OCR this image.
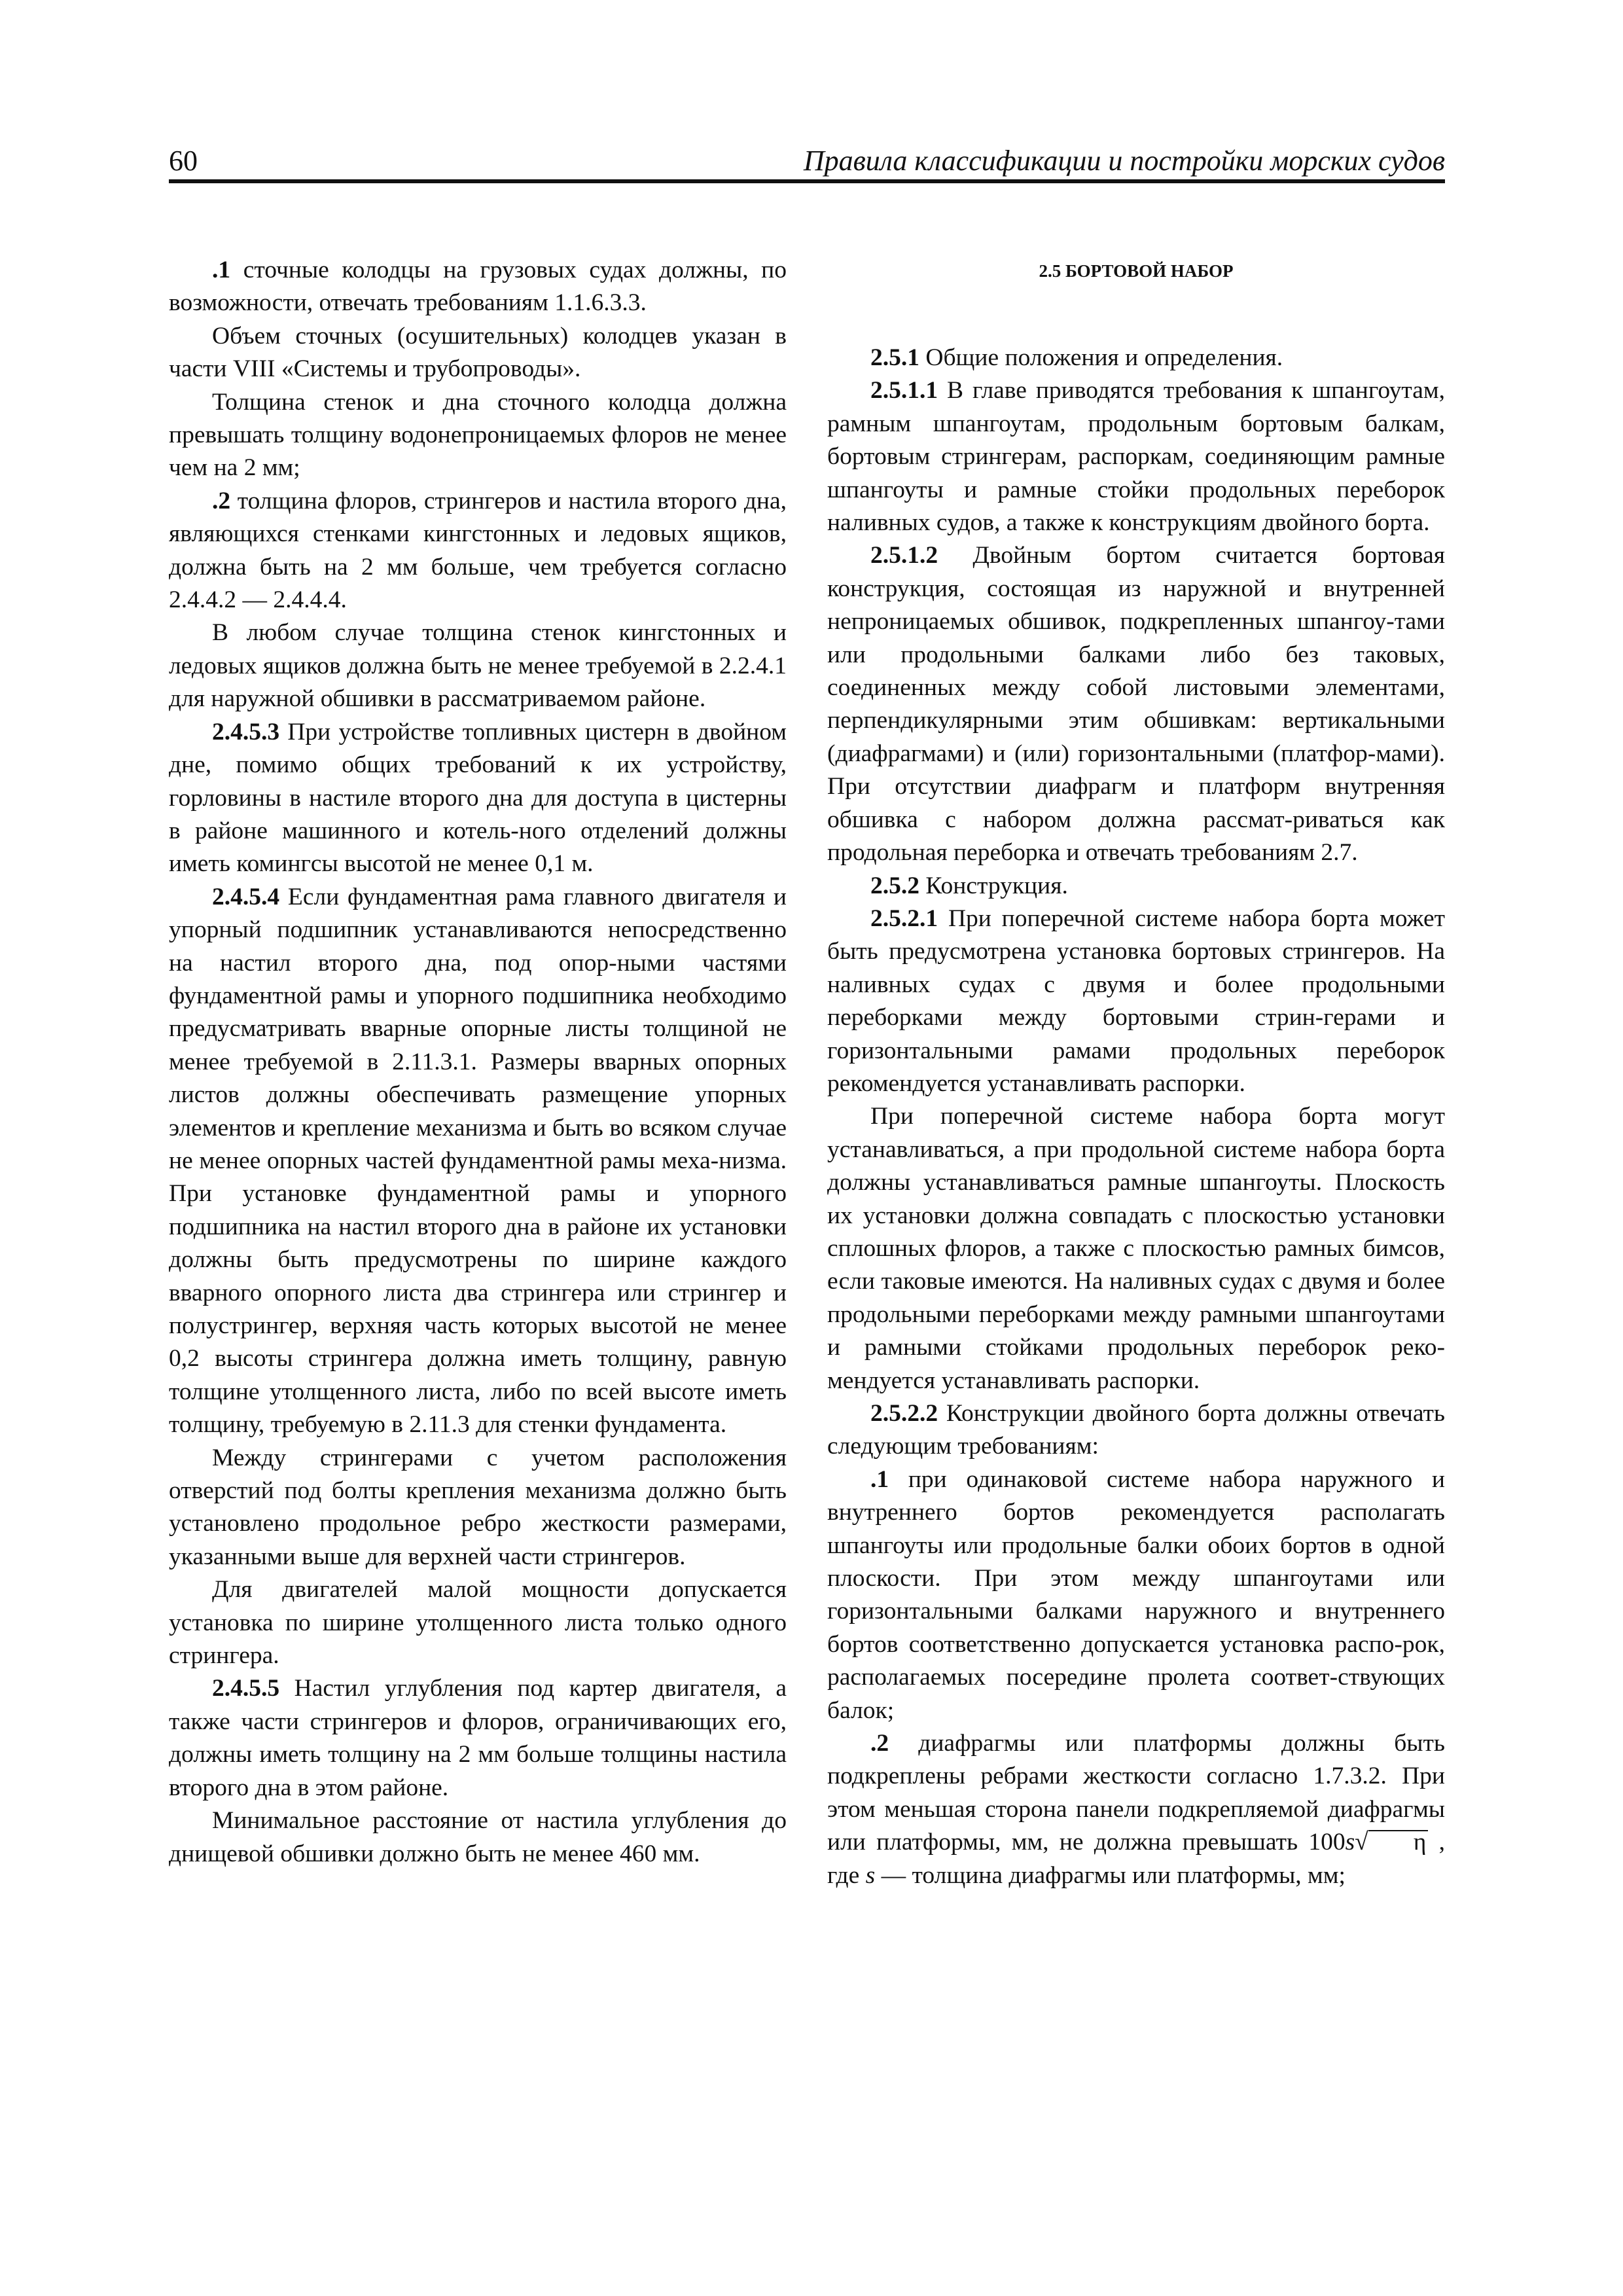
60	Правила классификации и постройки морских судов

.1 сточные колодцы на грузовых судах должны, по возможности, отвечать требованиям 1.1.6.3.3.

Объем сточных (осушительных) колодцев указан в части VIII «Системы и трубопроводы».

Толщина стенок и дна сточного колодца должна превышать толщину водонепроницаемых флоров не менее чем на 2 мм;

.2 толщина флоров, стрингеров и настила второго дна, являющихся стенками кингстонных и ледовых ящиков, должна быть на 2 мм больше, чем требуется согласно 2.4.4.2 — 2.4.4.4.

В любом случае толщина стенок кингстонных и ледовых ящиков должна быть не менее требуемой в 2.2.4.1 для наружной обшивки в рассматриваемом районе.

2.4.5.3 При устройстве топливных цистерн в двойном дне, помимо общих требований к их устройству, горловины в настиле второго дна для доступа в цистерны в районе машинного и котель-ного отделений должны иметь комингсы высотой не менее 0,1 м.

2.4.5.4 Если фундаментная рама главного двигателя и упорный подшипник устанавливаются непосредственно на настил второго дна, под опор-ными частями фундаментной рамы и упорного подшипника необходимо предусматривать вварные опорные листы толщиной не менее требуемой в 2.11.3.1. Размеры вварных опорных листов должны обеспечивать размещение упорных элементов и крепление механизма и быть во всяком случае не менее опорных частей фундаментной рамы меха-низма. При установке фундаментной рамы и упорного подшипника на настил второго дна в районе их установки должны быть предусмотрены по ширине каждого вварного опорного листа два стрингера или стрингер и полустрингер, верхняя часть которых высотой не менее 0,2 высоты стрингера должна иметь толщину, равную толщине утолщенного листа, либо по всей высоте иметь толщину, требуемую в 2.11.3 для стенки фундамента.

Между стрингерами с учетом расположения отверстий под болты крепления механизма должно быть установлено продольное ребро жесткости размерами, указанными выше для верхней части стрингеров.

Для двигателей малой мощности допускается установка по ширине утолщенного листа только одного стрингера.

2.4.5.5 Настил углубления под картер двигателя, а также части стрингеров и флоров, ограничивающих его, должны иметь толщину на 2 мм больше толщины настила второго дна в этом районе.

Минимальное расстояние от настила углубления до днищевой обшивки должно быть не менее 460 мм.

2.5 БОРТОВОЙ НАБОР

2.5.1 Общие положения и определения.

2.5.1.1 В главе приводятся требования к шпангоутам, рамным шпангоутам, продольным бортовым балкам, бортовым стрингерам, распоркам, соединяющим рамные шпангоуты и рамные стойки продольных переборок наливных судов, а также к конструкциям двойного борта.

2.5.1.2 Двойным бортом считается бортовая конструкция, состоящая из наружной и внутренней непроницаемых обшивок, подкрепленных шпангоу-тами или продольными балками либо без таковых, соединенных между собой листовыми элементами, перпендикулярными этим обшивкам: вертикальными (диафрагмами) и (или) горизонтальными (платфор-мами). При отсутствии диафрагм и платформ внутренняя обшивка с набором должна рассмат-риваться как продольная переборка и отвечать требованиям 2.7.

2.5.2 Конструкция.

2.5.2.1 При поперечной системе набора борта может быть предусмотрена установка бортовых стрингеров. На наливных судах с двумя и более продольными переборками между бортовыми стрин-герами и горизонтальными рамами продольных переборок рекомендуется устанавливать распорки.

При поперечной системе набора борта могут устанавливаться, а при продольной системе набора борта должны устанавливаться рамные шпангоуты. Плоскость их установки должна совпадать с плоскостью установки сплошных флоров, а также с плоскостью рамных бимсов, если таковые имеются. На наливных судах с двумя и более продольными переборками между рамными шпангоутами и рамными стойками продольных переборок реко-мендуется устанавливать распорки.

2.5.2.2 Конструкции двойного борта должны отвечать следующим требованиям:

.1 при одинаковой системе набора наружного и внутреннего бортов рекомендуется располагать шпангоуты или продольные балки обоих бортов в одной плоскости. При этом между шпангоутами или горизонтальными балками наружного и внутреннего бортов соответственно допускается установка распо-рок, располагаемых посередине пролета соответ-ствующих балок;

.2 диафрагмы или платформы должны быть подкреплены ребрами жесткости согласно 1.7.3.2. При этом меньшая сторона панели подкрепляемой диафрагмы или платформы, мм, не должна превышать 100s√ η , где s — толщина диафрагмы или платформы, мм;
